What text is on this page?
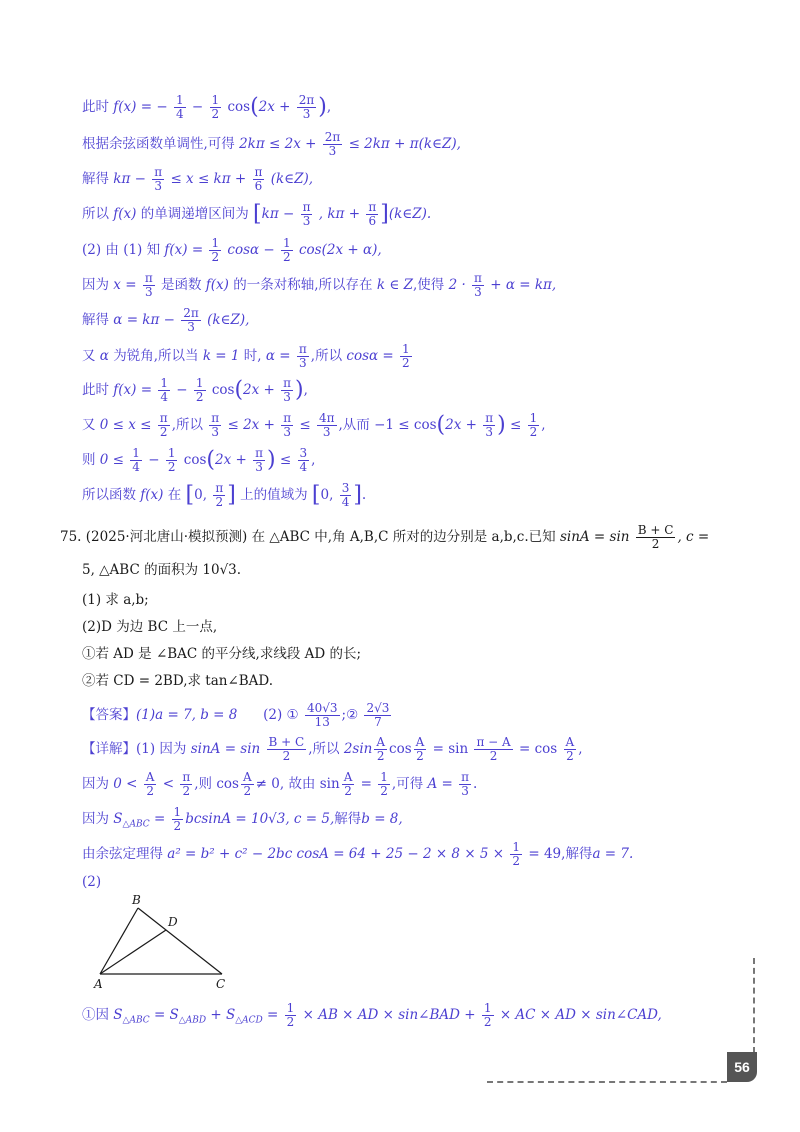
此时 f(x) = − $\frac{1}{4} - \frac{1}{2} \cos(2x + \frac{2\pi}{3}$ ),
根据余弦函数单调性,可得 $2k\pi \le 2x + \frac{2\pi}{3} \le 2k\pi$ + π(k∈Z),
解得 $k\pi - \frac{\pi}{3} \le x \le k\pi + \frac{\pi}{6}$ (k∈Z),
所以 f(x) 的单调递增区间为 [$k\pi - \frac{\pi}{3}$ , $k\pi + \frac{\pi}{6}$ ](k∈Z).
(2) 由 (1) 知 $f(x) = \frac{1}{2}$ $\cos\alpha - \frac{1}{2} \cos(2x + \alpha)$,
因为 $x = \frac{\pi}{3}$ 是函数 f(x) 的一条对称轴,所以存在 k ∈ Z,使得 $2 \cdot \frac{\pi}{3} + \alpha = k\pi$,
解得 $\alpha = k\pi - \frac{2\pi}{3}$ (k∈Z),
又 α 为锐角,所以当 k = 1 时, $\alpha = \frac{\pi}{3}$ ,所以 $\cos\alpha = \frac{1}{2}$
此时 $f(x) = \frac{1}{4} - \frac{1}{2} \cos(2x + \frac{\pi}{3}$ ),
又 $0 \le x \le \frac{\pi}{2}$ ,所以 $\frac{\pi}{3} \le 2x + \frac{\pi}{3} \le \frac{4\pi}{3}$ ,从而 $-1 \le \cos(2x + \frac{\pi}{3}$ ) ≤ $\frac{1}{2}$ ,
则 $0 \le \frac{1}{4} - \frac{1}{2} \cos(2x + \frac{\pi}{3}$ ) ≤ $\frac{3}{4}$ ,
所以函数 f(x) 在 [0, $\frac{\pi}{2}$ ] 上的值域为 [0, $\frac{3}{4}$ ].
75. (2025·河北唐山·模拟预测) 在 △ABC 中,角 A,B,C 所对的边分别是 a,b,c.已知 $\sin A = \sin \frac{B + C}{2}$ , c =
5, △ABC 的面积为 10√3.
(1) 求 a,b;
(2)D 为边 BC 上一点,
①若 AD 是 ∠BAC 的平分线,求线段 AD 的长;
②若 CD = 2BD,求 tan∠BAD.
【答案】(1)a = 7, b = 8 (2) ① $\frac{40√3}{13}$ ;② $\frac{2√3}{7}$
【详解】(1) 因为 $\sin A = \sin \frac{B + C}{2}$ ,所以 $2\sin \frac{A}{2}$ $\cos \frac{A}{2} = \sin \frac{\pi - A}{2} = \cos \frac{A}{2}$ ,
因为 $0 < \frac{A}{2} < \frac{\pi}{2}$ ,则 $\cos \frac{A}{2} \ne 0$, 故由 $\sin \frac{A}{2} = \frac{1}{2}$ ,可得 $A = \frac{\pi}{3}$ .
因为 $S_{\triangle ABC} = \frac{1}{2}$ bcsinA = 10√3, c = 5,解得b = 8,
由余弦定理得 a² = b² + c² − 2bc $\cos A = 64 + 25 - 2 \times 8 \times 5 \times \frac{1}{2} = 49$,解得a = 7.
(2)
B
D
A	C
①因 $S_{\triangle ABC} = S_{\triangle ABD} + S_{\triangle ACD} = \frac{1}{2}$ × AB × AD × sin∠BAD + $\frac{1}{2}$ × AC × AD × sin∠CAD,
56
